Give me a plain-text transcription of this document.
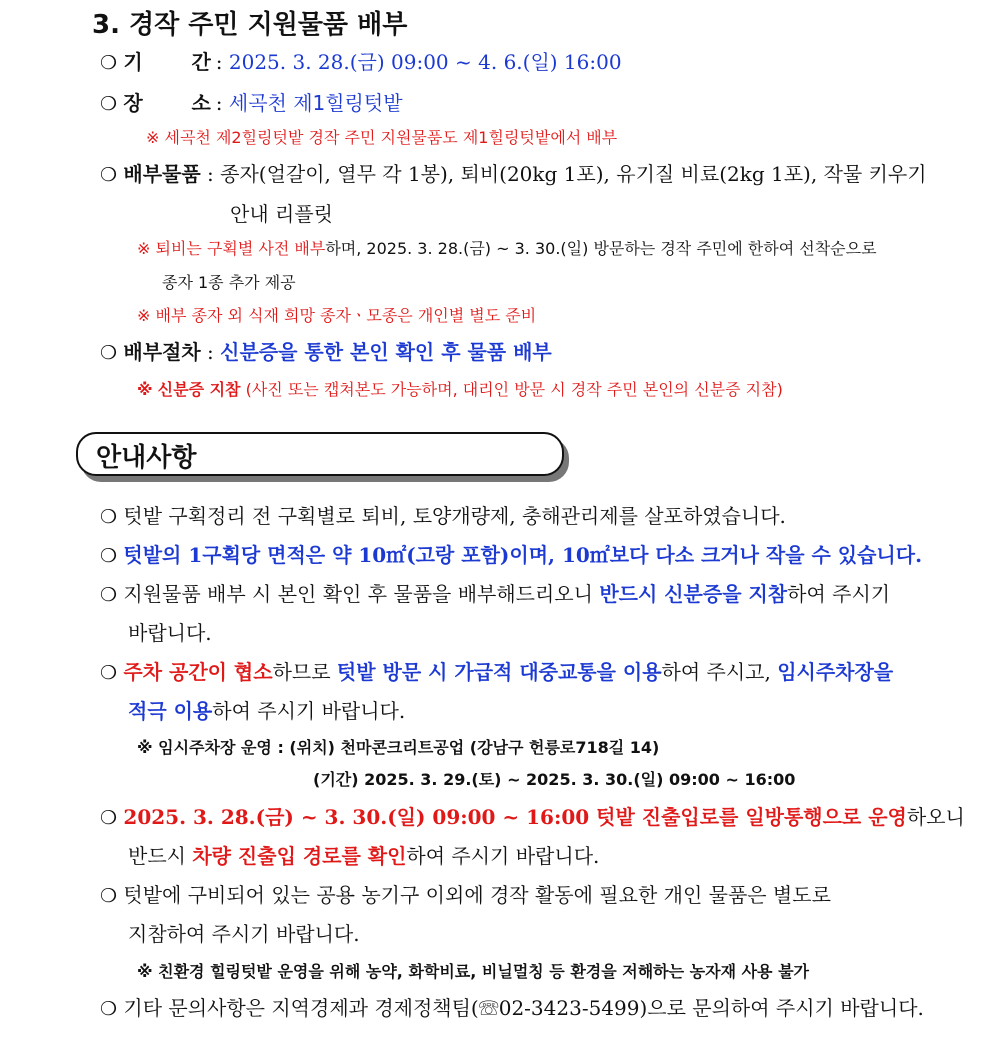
3. 경작 주민 지원물품 배부
❍ 기       간 : 2025. 3. 28.(금) 09:00 ~ 4. 6.(일) 16:00
❍ 장       소 : 세곡천 제1힐링텃밭
※ 세곡천 제2힐링텃밭 경작 주민 지원물품도 제1힐링텃밭에서 배부
❍ 배부물품 : 종자(얼갈이, 열무 각 1봉), 퇴비(20kg 1포), 유기질 비료(2kg 1포), 작물 키우기
안내 리플릿
※ 퇴비는 구획별 사전 배부하며, 2025. 3. 28.(금) ~ 3. 30.(일) 방문하는 경작 주민에 한하여 선착순으로
종자 1종 추가 제공
※ 배부 종자 외 식재 희망 종자ㆍ모종은 개인별 별도 준비
❍ 배부절차 : 신분증을 통한 본인 확인 후 물품 배부
※ 신분증 지참 (사진 또는 캡쳐본도 가능하며, 대리인 방문 시 경작 주민 본인의 신분증 지참)
안내사항
❍ 텃밭 구획정리 전 구획별로 퇴비, 토양개량제, 충해관리제를 살포하였습니다.
❍ 텃밭의 1구획당 면적은 약 10㎡(고랑 포함)이며, 10㎡보다 다소 크거나 작을 수 있습니다.
❍ 지원물품 배부 시 본인 확인 후 물품을 배부해드리오니 반드시 신분증을 지참하여 주시기
바랍니다.
❍ 주차 공간이 협소하므로 텃밭 방문 시 가급적 대중교통을 이용하여 주시고, 임시주차장을
적극 이용하여 주시기 바랍니다.
※ 임시주차장 운영 : (위치) 천마콘크리트공업 (강남구 헌릉로718길 14)
(기간) 2025. 3. 29.(토) ~ 2025. 3. 30.(일) 09:00 ~ 16:00
❍ 2025. 3. 28.(금) ~ 3. 30.(일) 09:00 ~ 16:00 텃밭 진출입로를 일방통행으로 운영하오니
반드시 차량 진출입 경로를 확인하여 주시기 바랍니다.
❍ 텃밭에 구비되어 있는 공용 농기구 이외에 경작 활동에 필요한 개인 물품은 별도로
지참하여 주시기 바랍니다.
※ 친환경 힐링텃밭 운영을 위해 농약, 화학비료, 비닐멀칭 등 환경을 저해하는 농자재 사용 불가
❍ 기타 문의사항은 지역경제과 경제정책팀(☏02-3423-5499)으로 문의하여 주시기 바랍니다.
